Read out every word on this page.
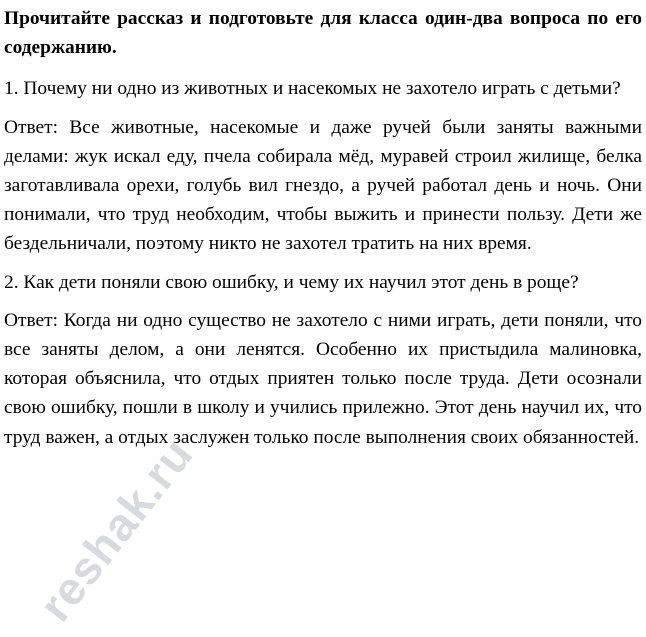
Прочитайте рассказ и подготовьте для класса один-два вопроса по его содержанию.

1. Почему ни одно из животных и насекомых не захотело играть с детьми?

Ответ: Все животные, насекомые и даже ручей были заняты важными делами: жук искал еду, пчела собирала мёд, муравей строил жилище, белка заготавливала орехи, голубь вил гнездо, а ручей работал день и ночь. Они понимали, что труд необходим, чтобы выжить и принести пользу. Дети же бездельничали, поэтому никто не захотел тратить на них время.

2. Как дети поняли свою ошибку, и чему их научил этот день в роще?

Ответ: Когда ни одно существо не захотело с ними играть, дети поняли, что все заняты делом, а они ленятся. Особенно их пристыдила малиновка, которая объяснила, что отдых приятен только после труда. Дети осознали свою ошибку, пошли в школу и учились прилежно. Этот день научил их, что труд важен, а отдых заслужен только после выполнения своих обязанностей.

reshak.ru
